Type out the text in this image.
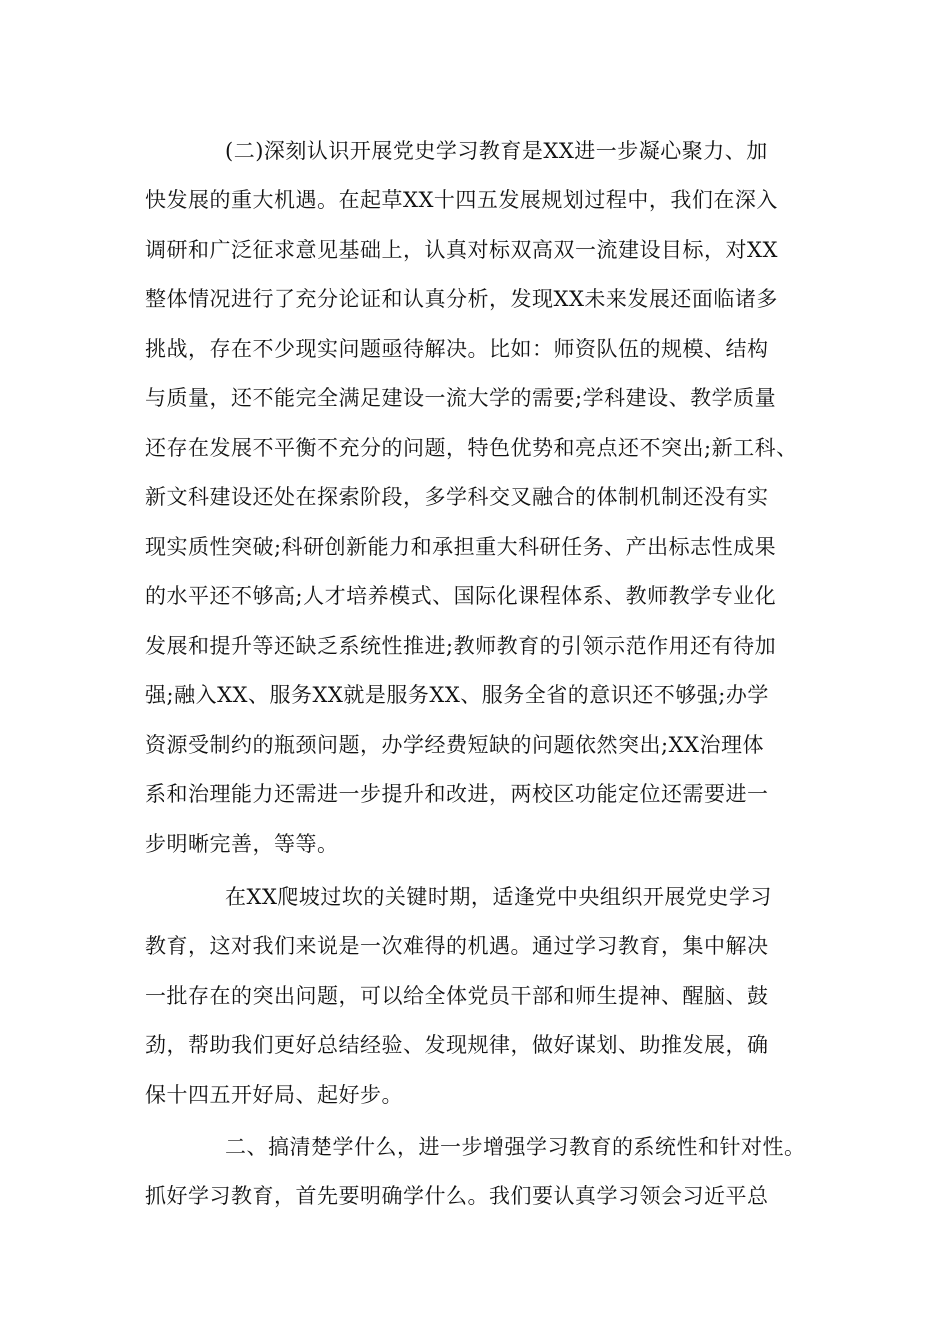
(二)深刻认识开展党史学习教育是XX进一步凝心聚力、加
快发展的重大机遇。在起草XX十四五发展规划过程中，我们在深入
调研和广泛征求意见基础上，认真对标双高双一流建设目标，对XX
整体情况进行了充分论证和认真分析，发现XX未来发展还面临诸多
挑战，存在不少现实问题亟待解决。比如：师资队伍的规模、结构
与质量，还不能完全满足建设一流大学的需要;学科建设、教学质量
还存在发展不平衡不充分的问题，特色优势和亮点还不突出;新工科、
新文科建设还处在探索阶段，多学科交叉融合的体制机制还没有实
现实质性突破;科研创新能力和承担重大科研任务、产出标志性成果
的水平还不够高;人才培养模式、国际化课程体系、教师教学专业化
发展和提升等还缺乏系统性推进;教师教育的引领示范作用还有待加
强;融入XX、服务XX就是服务XX、服务全省的意识还不够强;办学
资源受制约的瓶颈问题，办学经费短缺的问题依然突出;XX治理体
系和治理能力还需进一步提升和改进，两校区功能定位还需要进一
步明晰完善，等等。
在XX爬坡过坎的关键时期，适逢党中央组织开展党史学习
教育，这对我们来说是一次难得的机遇。通过学习教育，集中解决
一批存在的突出问题，可以给全体党员干部和师生提神、醒脑、鼓
劲，帮助我们更好总结经验、发现规律，做好谋划、助推发展，确
保十四五开好局、起好步。
二、搞清楚学什么，进一步增强学习教育的系统性和针对性。
抓好学习教育，首先要明确学什么。我们要认真学习领会习近平总
